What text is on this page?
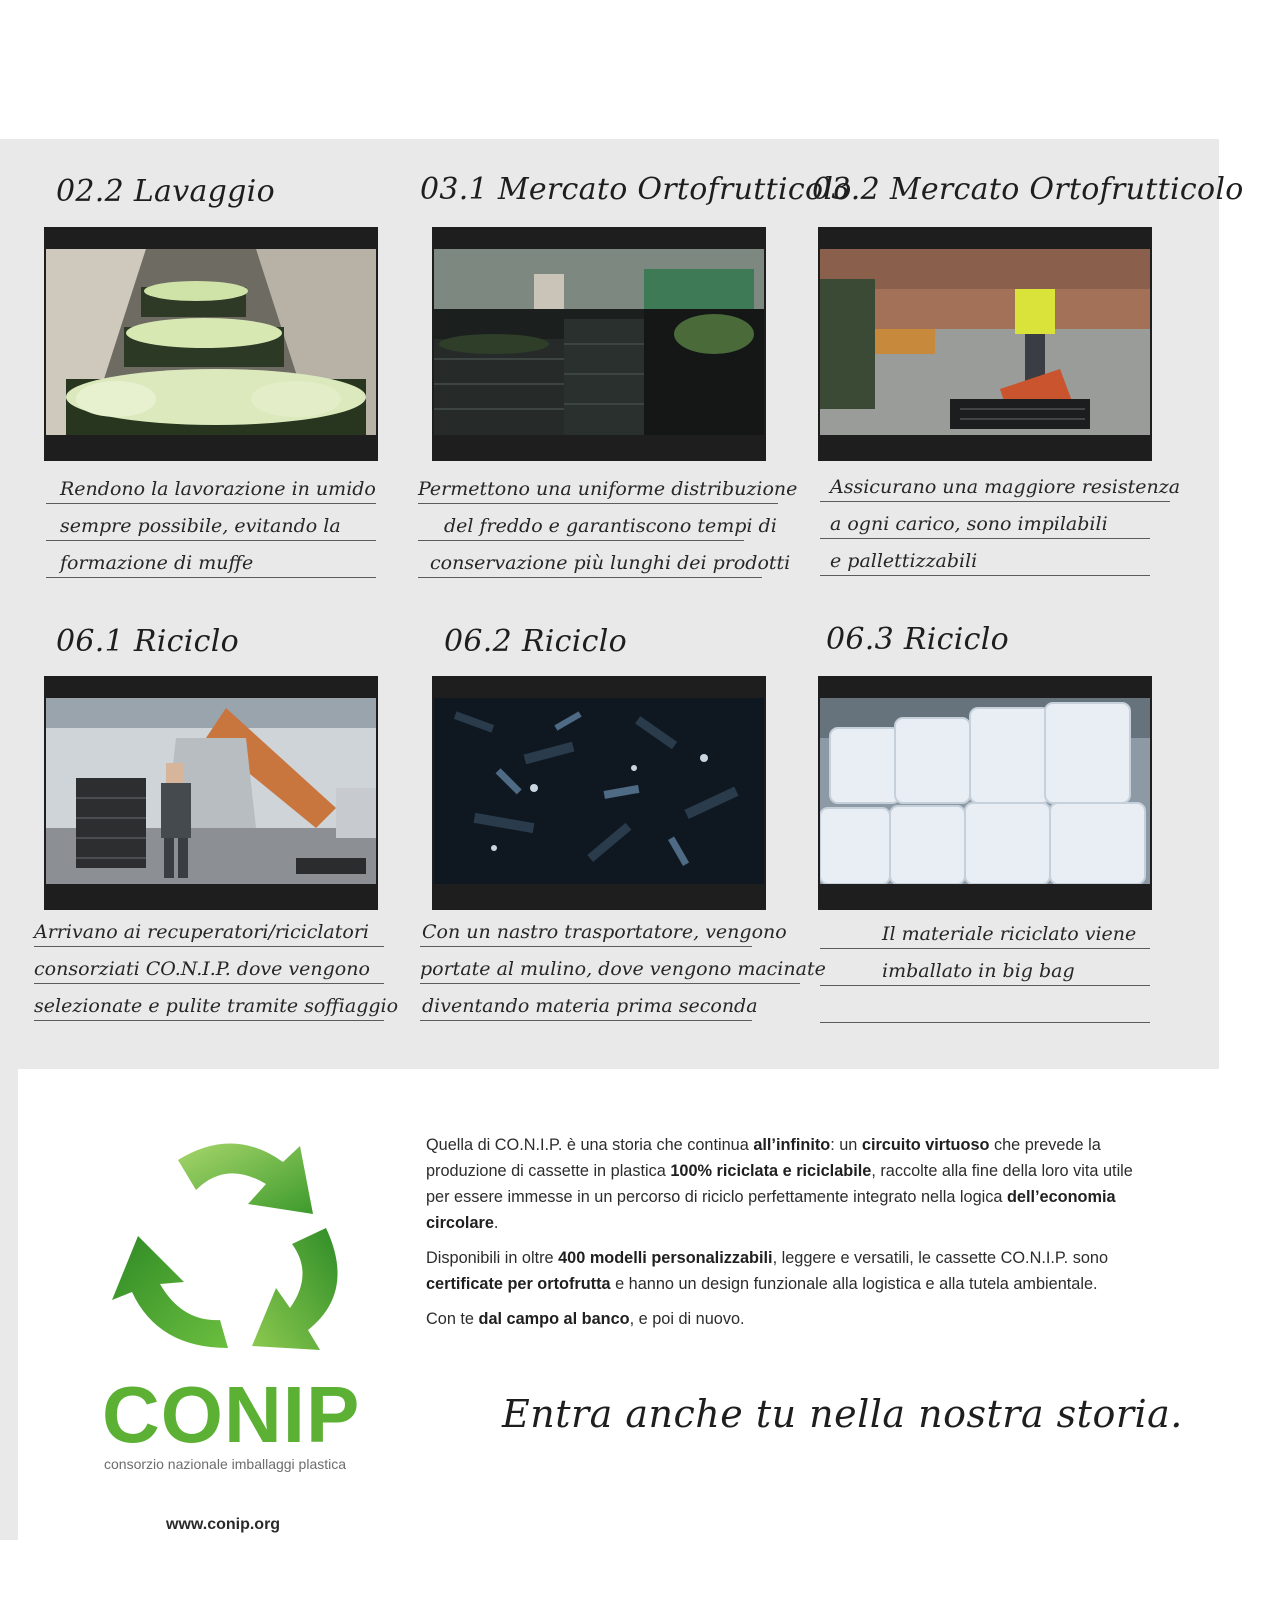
02.2 Lavaggio
Rendono la lavorazione in umido
sempre possibile, evitando la
formazione di muffe
03.1 Mercato Ortofrutticolo
Permettono una uniforme distribuzione
del freddo e garantiscono tempi di
conservazione più lunghi dei prodotti
03.2 Mercato Ortofrutticolo
Assicurano una maggiore resistenza
a ogni carico, sono impilabili
e pallettizzabili
06.1 Riciclo
Arrivano ai recuperatori/riciclatori
consorziati CO.N.I.P. dove vengono
selezionate e pulite tramite soffiaggio
06.2 Riciclo
Con un nastro trasportatore, vengono
portate al mulino, dove vengono macinate
diventando materia prima seconda
06.3 Riciclo
Il materiale riciclato viene
imballato in big bag
CONIP
consorzio nazionale imballaggi plastica
www.conip.org

Quella di CO.N.I.P. è una storia che continua all’infinito: un circuito virtuoso che prevede la produzione di cassette in plastica 100% riciclata e riciclabile, raccolte alla fine della loro vita utile per essere immesse in un percorso di riciclo perfettamente integrato nella logica dell’economia circolare.

Disponibili in oltre 400 modelli personalizzabili, leggere e versatili, le cassette CO.N.I.P. sono certificate per ortofrutta e hanno un design funzionale alla logistica e alla tutela ambientale.

Con te dal campo al banco, e poi di nuovo.

Entra anche tu nella nostra storia.
